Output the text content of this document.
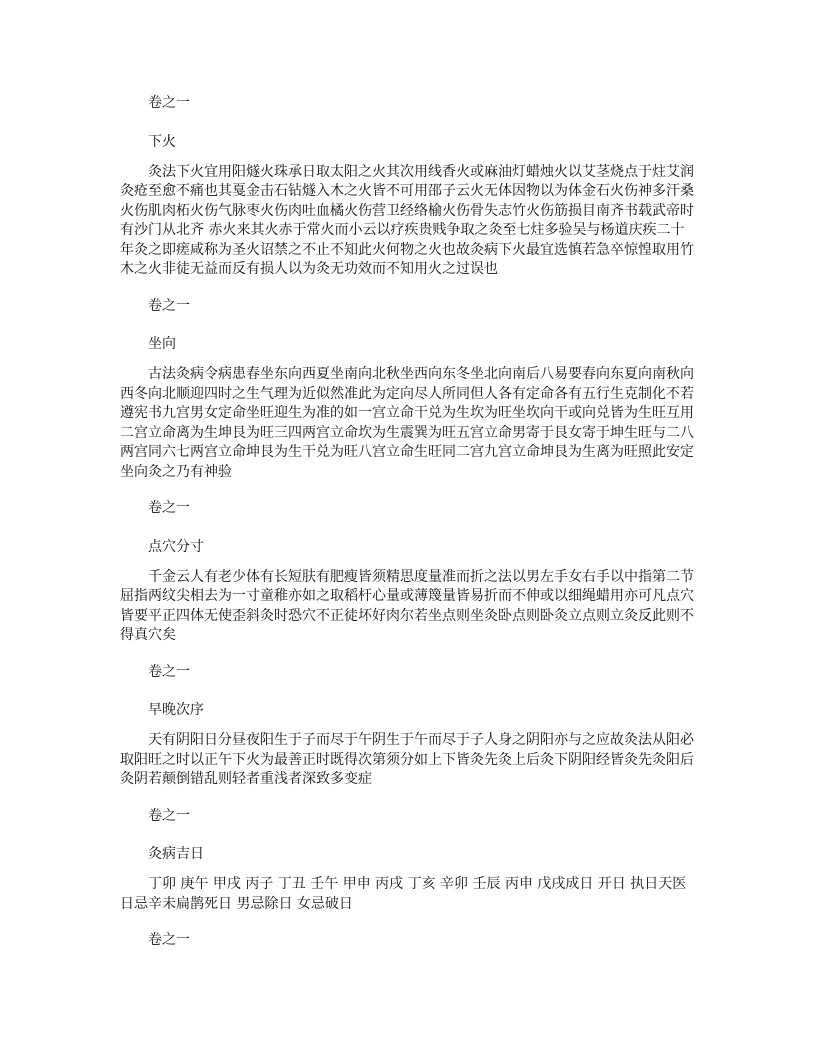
卷之一

下火

灸法下火宜用阳燧火珠承日取太阳之火其次用线香火或麻油灯蜡烛火以艾茎烧点于炷艾润灸疮至愈不痛也其戛金击石钻燧入木之火皆不可用邵子云火无体因物以为体金石火伤神多汗桑火伤肌肉柘火伤气脉枣火伤肉吐血橘火伤营卫经络榆火伤骨失志竹火伤筋损目南齐书载武帝时有沙门从北齐 赤火来其火赤于常火而小云以疗疾贵贱争取之灸至七炷多验吴与杨道庆疾二十年灸之即瘥咸称为圣火诏禁之不止不知此火何物之火也故灸病下火最宜选慎若急卒惊惶取用竹木之火非徒无益而反有损人以为灸无功效而不知用火之过误也

卷之一

坐向

古法灸病令病患春坐东向西夏坐南向北秋坐西向东冬坐北向南后八易要春向东夏向南秋向西冬向北顺迎四时之生气理为近似然准此为定向尽人所同但人各有定命各有五行生克制化不若遵宪书九宫男女定命坐旺迎生为准的如一宫立命干兑为生坎为旺坐坎向干或向兑皆为生旺互用二宫立命离为生坤艮为旺三四两宫立命坎为生震巽为旺五宫立命男寄于艮女寄于坤生旺与二八两宫同六七两宫立命坤艮为生干兑为旺八宫立命生旺同二宫九宫立命坤艮为生离为旺照此安定坐向灸之乃有神验

卷之一

点穴分寸

千金云人有老少体有长短肤有肥瘦皆须精思度量准而折之法以男左手女右手以中指第二节屈指两纹尖相去为一寸童稚亦如之取稻杆心量或薄篾量皆易折而不伸或以细绳蜡用亦可凡点穴皆要平正四体无使歪斜灸时恐穴不正徒坏好肉尔若坐点则坐灸卧点则卧灸立点则立灸反此则不得真穴矣

卷之一

早晚次序

天有阴阳日分昼夜阳生于子而尽于午阴生于午而尽于子人身之阴阳亦与之应故灸法从阳必取阳旺之时以正午下火为最善正时既得次第须分如上下皆灸先灸上后灸下阴阳经皆灸先灸阳后灸阴若颠倒错乱则轻者重浅者深致多变症

卷之一

灸病吉日

丁卯 庚午 甲戌 丙子 丁丑 壬午 甲申 丙戌 丁亥 辛卯 壬辰 丙申 戊戌成日 开日 执日天医日忌辛未扁鹊死日 男忌除日 女忌破日

卷之一
